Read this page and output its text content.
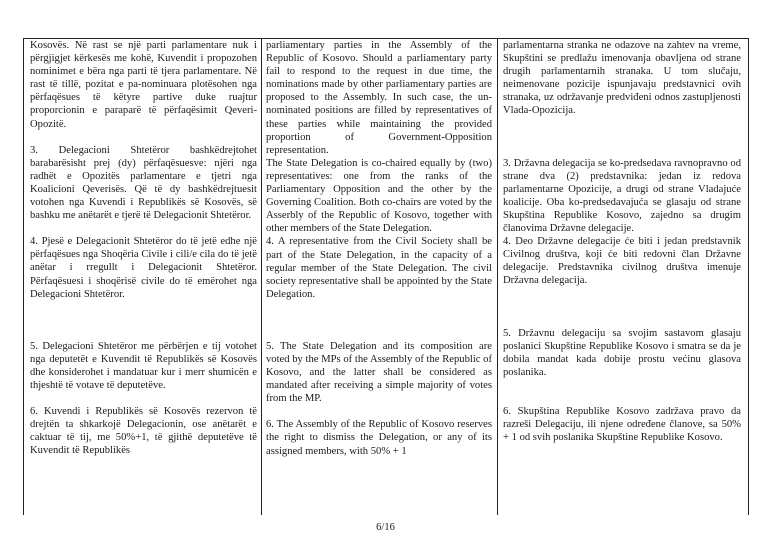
Kosovës. Në rast se një parti parlamentare nuk i përgjigjet kërkesës me kohë, Kuvendit i propozohen nominimet e bëra nga parti të tjera parlamentare. Në rast të tillë, pozitat e pa-nominuara plotësohen nga përfaqësues të këtyre partive duke ruajtur proporcionin e paraparë të përfaqësimit Qeveri-Opozitë.

3. Delegacioni Shtetëror bashkëdrejtohet barabarësisht prej (dy) përfaqësuesve: njëri nga radhët e Opozitës parlamentare e tjetri nga Koalicioni Qeverisës. Që të dy bashkëdrejtuesit votohen nga Kuvendi i Republikës së Kosovës, së bashku me anëtarët e tjerë të Delegacionit Shtetëror.

4. Pjesë e Delegacionit Shtetëror do të jetë edhe një përfaqësues nga Shoqëria Civile i cili/e cila do të jetë anëtar i rregullt i Delegacionit Shtetëror. Përfaqësuesi i shoqërisë civile do të emërohet nga Delegacioni Shtetëror.

5. Delegacioni Shtetëror me përbërjen e tij votohet nga deputetët e Kuvendit të Republikës së Kosovës dhe konsiderohet i mandatuar kur i merr shumicën e thjeshtë të votave të deputetëve.

6. Kuvendi i Republikës së Kosovës rezervon të drejtën ta shkarkojë Delegacionin, ose anëtarët e caktuar të tij, me 50%+1, të gjithë deputetëve të Kuvendit të Republikës

parliamentary parties in the Assembly of the Republic of Kosovo. Should a parliamentary party fail to respond to the request in due time, the nominations made by other parliamentary parties are proposed to the Assembly. In such case, the un-nominated positions are filled by representatives of these parties while maintaining the provided proportion of Government-Opposition representation.

The State Delegation is co-chaired equally by (two) representatives: one from the ranks of the Parliamentary Opposition and the other by the Governing Coalition. Both co-chairs are voted by the Asserbly of the Republic of Kosovo, together with other members of the State Delegation.

4. A representative from the Civil Society shall be part of the State Delegation, in the capacity of a regular member of the State Delegation. The civil society representative shall be appointed by the State Delegation.

5. The State Delegation and its composition are voted by the MPs of the Assembly of the Republic of Kosovo, and the latter shall be considered as mandated after receiving a simple majority of votes from the MP.

6. The Assembly of the Republic of Kosovo reserves the right to dismiss the Delegation, or any of its assigned members, with 50% + 1

parlamentarna stranka ne odazove na zahtev na vreme, Skupštini se predlažu imenovanja obavljena od strane drugih parlamentarnih stranaka. U tom slučaju, neimenovane pozicije ispunjavaju predstavnici ovih stranaka, uz održavanje predviđeni odnos zastupljenosti Vlada-Opozicija.

3. Državna delegacija se ko-predsedava ravnopravno od strane dva (2) predstavnika: jedan iz redova parlamentarne Opozicije, a drugi od strane Vladajuće koalicije. Oba ko-predsedavajuća se glasaju od strane Skupština Republike Kosovo, zajedno sa drugim članovima Državne delegacije.

4. Deo Državne delegacije će biti i jedan predstavnik Civilnog društva, koji će biti redovni član Državne delegacije. Predstavnika civilnog društva imenuje Državna delegacija.

5. Državnu delegaciju sa svojim sastavom glasaju poslanici Skupštine Republike Kosovo i smatra se da je dobila mandat kada dobije prostu većinu glasova poslanika.

6. Skupština Republike Kosovo zadržava pravo da razreši Delegaciju, ili njene određene članove, sa 50% + 1 od svih poslanika Skupštine Republike Kosovo.

6/16
